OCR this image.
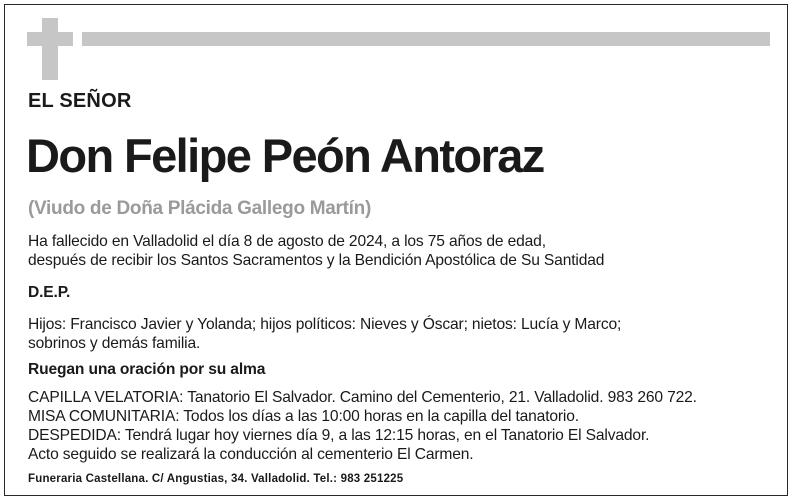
EL SEÑOR
Don Felipe Peón Antoraz
(Viudo de Doña Plácida Gallego Martín)
Ha fallecido en Valladolid el día 8 de agosto de 2024, a los 75 años de edad,
después de recibir los Santos Sacramentos y la Bendición Apostólica de Su Santidad
D.E.P.
Hijos: Francisco Javier y Yolanda; hijos políticos: Nieves y Óscar; nietos: Lucía y Marco;
sobrinos y demás familia.
Ruegan una oración por su alma
CAPILLA VELATORIA: Tanatorio El Salvador. Camino del Cementerio, 21. Valladolid. 983 260 722.
MISA COMUNITARIA: Todos los días a las 10:00 horas en la capilla del tanatorio.
DESPEDIDA: Tendrá lugar hoy viernes día 9, a las 12:15 horas, en el Tanatorio El Salvador.
Acto seguido se realizará la conducción al cementerio El Carmen.
Funeraria Castellana. C/ Angustias, 34. Valladolid. Tel.: 983 251225
